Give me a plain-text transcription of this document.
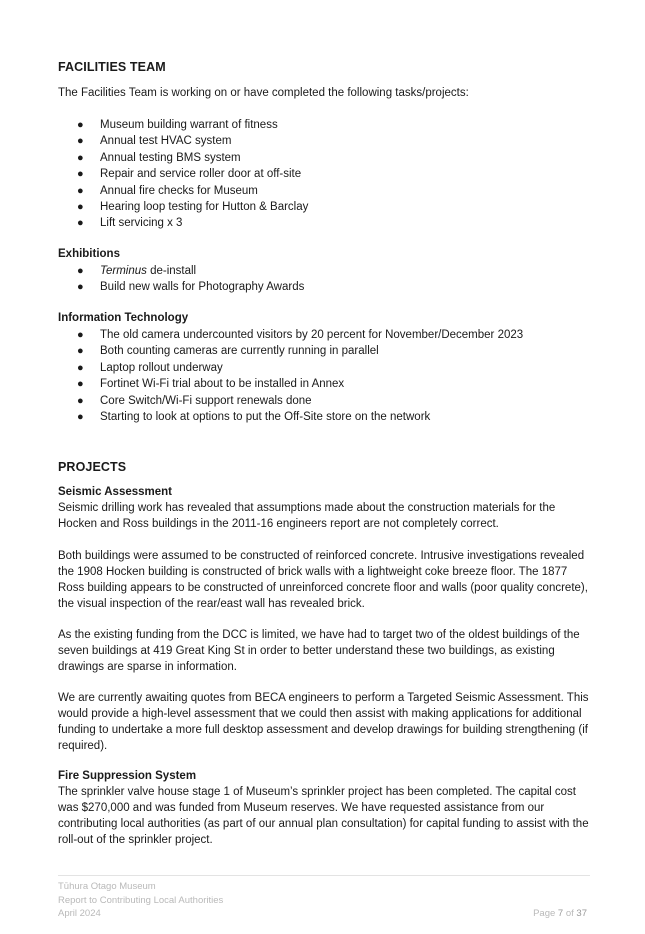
FACILITIES TEAM

The Facilities Team is working on or have completed the following tasks/projects:

● Museum building warrant of fitness
● Annual test HVAC system
● Annual testing BMS system
● Repair and service roller door at off-site
● Annual fire checks for Museum
● Hearing loop testing for Hutton & Barclay
● Lift servicing x 3
Exhibitions
● Terminus de-install
● Build new walls for Photography Awards
Information Technology
● The old camera undercounted visitors by 20 percent for November/December 2023
● Both counting cameras are currently running in parallel
● Laptop rollout underway
● Fortinet Wi-Fi trial about to be installed in Annex
● Core Switch/Wi-Fi support renewals done
● Starting to look at options to put the Off-Site store on the network
PROJECTS
Seismic Assessment

Seismic drilling work has revealed that assumptions made about the construction materials for the Hocken and Ross buildings in the 2011-16 engineers report are not completely correct.

Both buildings were assumed to be constructed of reinforced concrete. Intrusive investigations revealed the 1908 Hocken building is constructed of brick walls with a lightweight coke breeze floor. The 1877 Ross building appears to be constructed of unreinforced concrete floor and walls (poor quality concrete), the visual inspection of the rear/east wall has revealed brick.

As the existing funding from the DCC is limited, we have had to target two of the oldest buildings of the seven buildings at 419 Great King St in order to better understand these two buildings, as existing drawings are sparse in information.

We are currently awaiting quotes from BECA engineers to perform a Targeted Seismic Assessment. This would provide a high-level assessment that we could then assist with making applications for additional funding to undertake a more full desktop assessment and develop drawings for building strengthening (if required).

Fire Suppression System

The sprinkler valve house stage 1 of Museum’s sprinkler project has been completed. The capital cost was $270,000 and was funded from Museum reserves. We have requested assistance from our contributing local authorities (as part of our annual plan consultation) for capital funding to assist with the roll-out of the sprinkler project.

Tūhura Otago Museum
Report to Contributing Local Authorities
April 2024	Page 7 of 37
